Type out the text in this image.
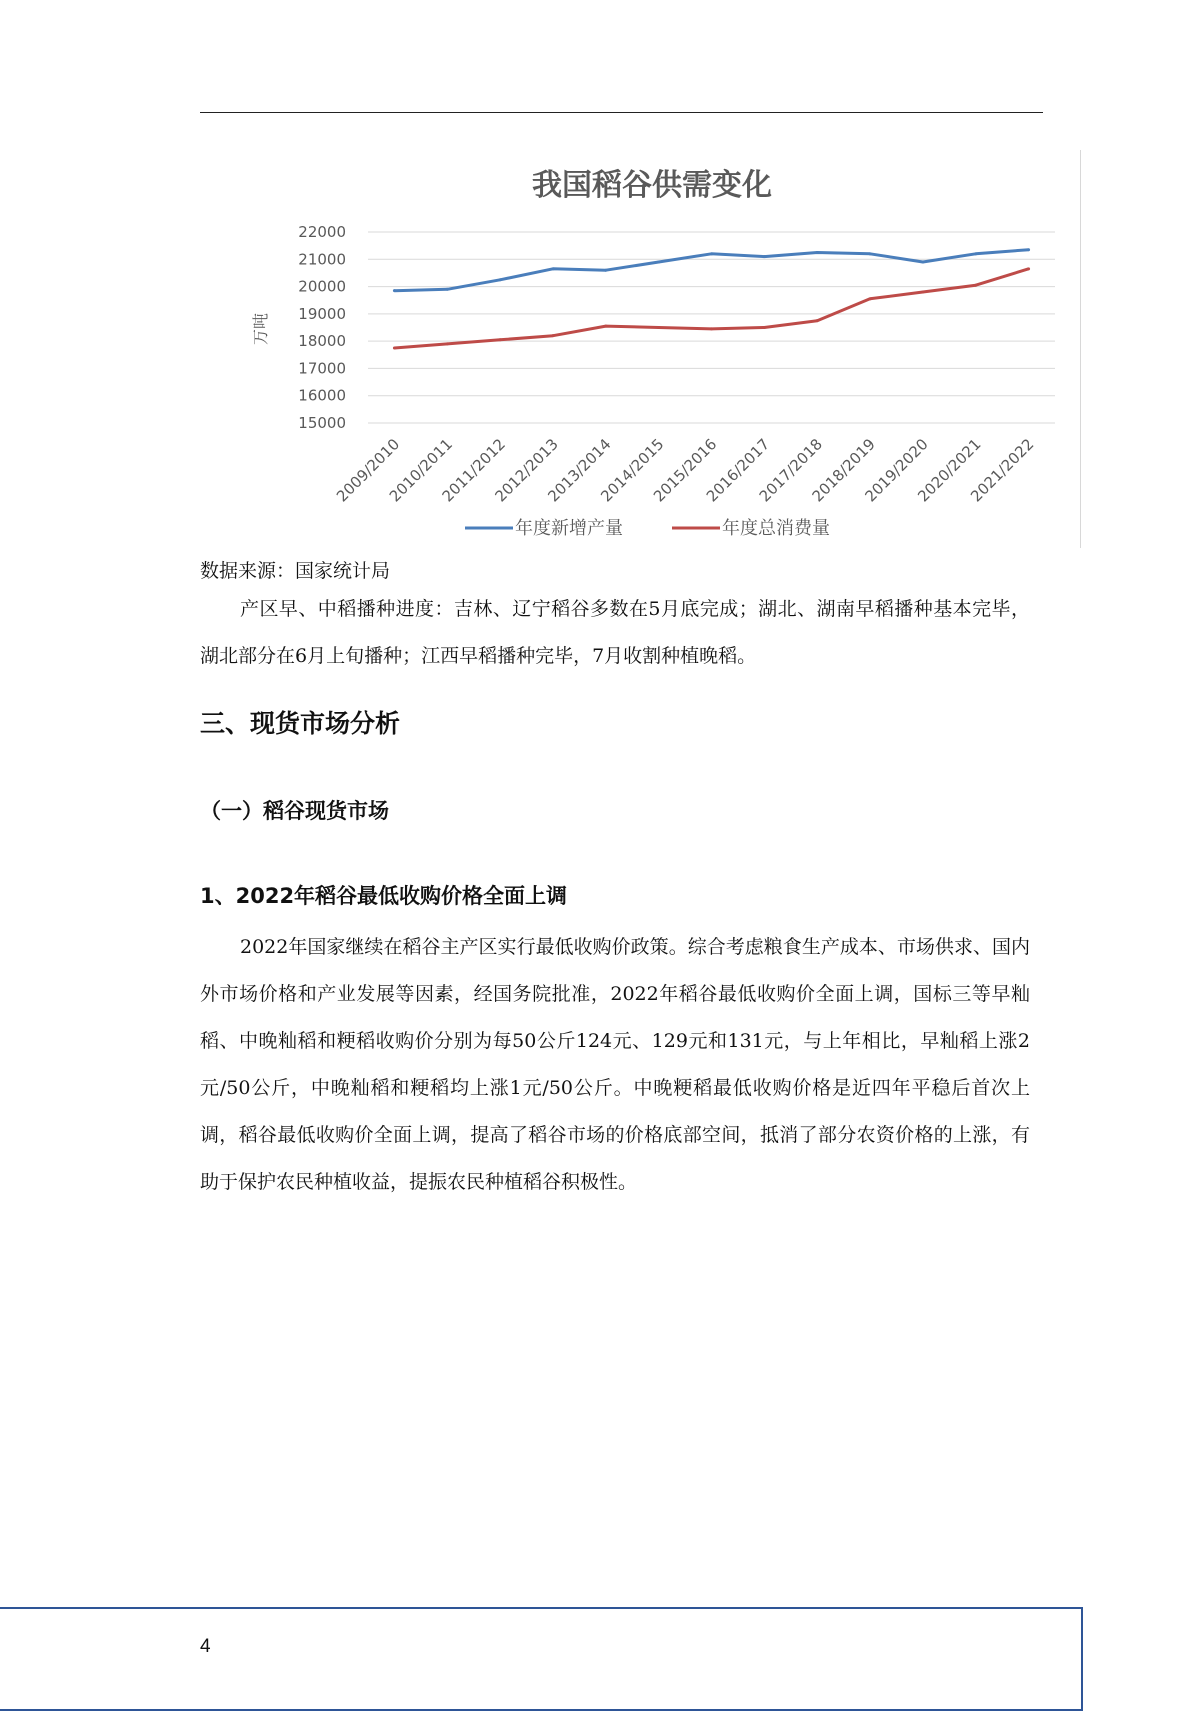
我国稻谷供需变化
22000
21000
20000
19000
18000
17000
16000
15000
万吨
2009/2010
2010/2011
2011/2012
2012/2013
2013/2014
2014/2015
2015/2016
2016/2017
2017/2018
2018/2019
2019/2020
2020/2021
2021/2022
年度新增产量	年度总消费量
数据来源：国家统计局
产区早、中稻播种进度：吉林、辽宁稻谷多数在5月底完成；湖北、湖南早稻播种基本完毕，湖北部分在6月上旬播种；江西早稻播种完毕，7月收割种植晚稻。
三、现货市场分析
（一）稻谷现货市场
1、2022年稻谷最低收购价格全面上调
2022年国家继续在稻谷主产区实行最低收购价政策。综合考虑粮食生产成本、市场供求、国内外市场价格和产业发展等因素，经国务院批准，2022年稻谷最低收购价全面上调，国标三等早籼稻、中晚籼稻和粳稻收购价分别为每50公斤124元、129元和131元，与上年相比，早籼稻上涨2元/50公斤，中晚籼稻和粳稻均上涨1元/50公斤。中晚粳稻最低收购价格是近四年平稳后首次上调，稻谷最低收购价全面上调，提高了稻谷市场的价格底部空间，抵消了部分农资价格的上涨，有助于保护农民种植收益，提振农民种植稻谷积极性。
4
